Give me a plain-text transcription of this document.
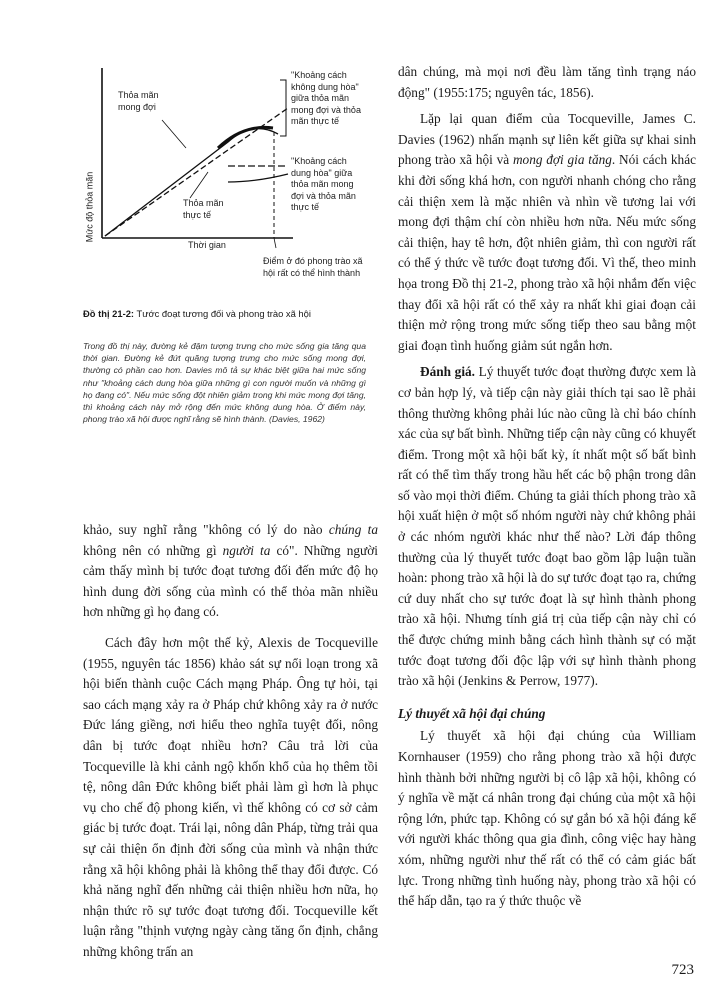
Mức độ thỏa mãn
Thời gian
Thỏa mãn
mong đợi
Thỏa mãn
thực tế
"Khoảng cách
không dung hòa"
giữa thỏa mãn
mong đợi và thỏa
mãn thực tế
"Khoảng cách
dung hòa" giữa
thỏa mãn mong
đợi và thỏa mãn
thực tế
Điểm ở đó phong trào xã
hội rất có thể hình thành
Đồ thị 21-2: Tước đoạt tương đối và phong trào xã hội
Trong đồ thị này, đường kẻ đậm tượng trưng cho mức sống gia tăng qua thời gian. Đường kẻ đứt quãng tượng trưng cho mức sống mong đợi, thường có phần cao hơn. Davies mô tả sự khác biệt giữa hai mức sống như "khoảng cách dung hòa giữa những gì con người muốn và những gì họ đang có". Nếu mức sống đột nhiên giảm trong khi mức mong đợi tăng, thì khoảng cách này mở rộng đến mức không dung hòa. Ở điểm này, phong trào xã hội được nghĩ rằng sẽ hình thành. (Davies, 1962)

khảo, suy nghĩ rằng "không có lý do nào chúng ta không nên có những gì người ta có". Những người cảm thấy mình bị tước đoạt tương đối đến mức độ họ hình dung đời sống của mình có thể thỏa mãn nhiều hơn những gì họ đang có.

Cách đây hơn một thế kỷ, Alexis de Tocqueville (1955, nguyên tác 1856) khảo sát sự nổi loạn trong xã hội biến thành cuộc Cách mạng Pháp. Ông tự hỏi, tại sao cách mạng xảy ra ở Pháp chứ không xảy ra ở nước Đức láng giềng, nơi hiểu theo nghĩa tuyệt đối, nông dân bị tước đoạt nhiều hơn? Câu trả lời của Tocqueville là khi cảnh ngộ khốn khổ của họ thêm tồi tệ, nông dân Đức không biết phải làm gì hơn là phục vụ cho chế độ phong kiến, vì thế không có cơ sở cảm giác bị tước đoạt. Trái lại, nông dân Pháp, từng trải qua sự cải thiện ổn định đời sống của mình và nhận thức rằng xã hội không phải là không thể thay đổi được. Có khả năng nghĩ đến những cải thiện nhiều hơn nữa, họ nhận thức rõ sự tước đoạt tương đối. Tocqueville kết luận rằng "thịnh vượng ngày càng tăng ổn định, chẳng những không trấn an

dân chúng, mà mọi nơi đều làm tăng tình trạng náo động" (1955:175; nguyên tác, 1856).

Lặp lại quan điểm của Tocqueville, James C. Davies (1962) nhấn mạnh sự liên kết giữa sự khai sinh phong trào xã hội và mong đợi gia tăng. Nói cách khác khi đời sống khá hơn, con người nhanh chóng cho rằng cải thiện xem là mặc nhiên và nhìn về tương lai với mong đợi thậm chí còn nhiều hơn nữa. Nếu mức sống cải thiện, hay tê hơn, đột nhiên giảm, thì con người rất có thể ý thức về tước đoạt tương đối. Vì thế, theo minh họa trong Đồ thị 21-2, phong trào xã hội nhắm đến việc thay đổi xã hội rất có thể xảy ra nhất khi giai đoạn cải thiện mở rộng trong mức sống tiếp theo sau bằng một giai đoạn tình huống giảm sút ngắn hơn.

Đánh giá. Lý thuyết tước đoạt thường được xem là cơ bản hợp lý, và tiếp cận này giải thích tại sao lẽ phải thông thường không phải lúc nào cũng là chỉ báo chính xác của sự bất bình. Những tiếp cận này cũng có khuyết điểm. Trong một xã hội bất kỳ, ít nhất một số bất bình rất có thể tìm thấy trong hầu hết các bộ phận trong dân số vào mọi thời điểm. Chúng ta giải thích phong trào xã hội xuất hiện ở một số nhóm người này chứ không phải ở các nhóm người khác như thế nào? Lời đáp thông thường của lý thuyết tước đoạt bao gồm lập luận tuần hoàn: phong trào xã hội là do sự tước đoạt tạo ra, chứng cứ duy nhất cho sự tước đoạt là sự hình thành phong trào xã hội. Nhưng tính giá trị của tiếp cận này chỉ có thể được chứng minh bằng cách hình thành sự có mặt tước đoạt tương đối độc lập với sự hình thành phong trào xã hội (Jenkins & Perrow, 1977).

Lý thuyết xã hội đại chúng

Lý thuyết xã hội đại chúng của William Kornhauser (1959) cho rằng phong trào xã hội được hình thành bởi những người bị cô lập xã hội, không có ý nghĩa về mặt cá nhân trong đại chúng của một xã hội rộng lớn, phức tạp. Không có sự gắn bó xã hội đáng kể với người khác thông qua gia đình, công việc hay hàng xóm, những người như thế rất có thể có cảm giác bất lực. Trong những tình huống này, phong trào xã hội có thể hấp dẫn, tạo ra ý thức thuộc về

723
